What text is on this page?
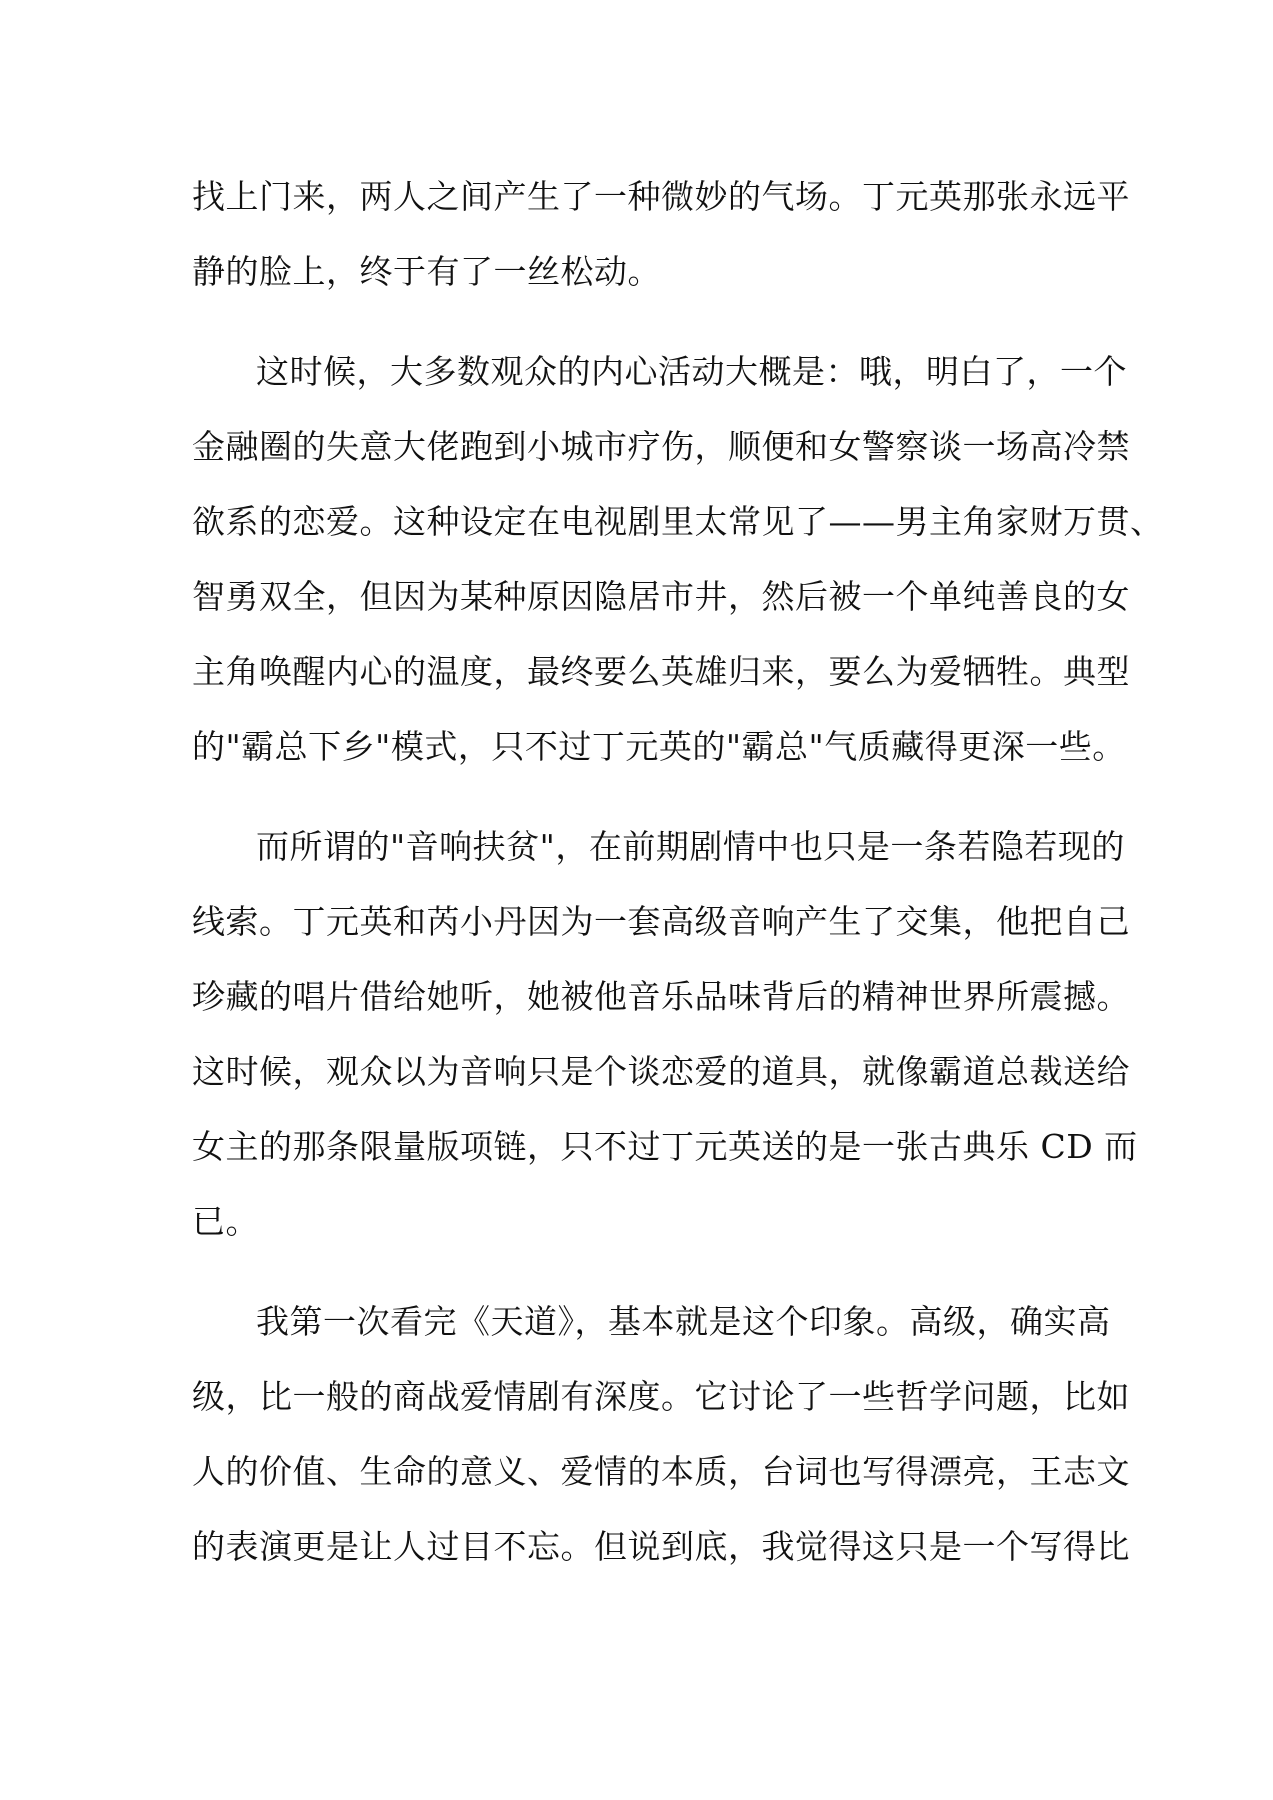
找上门来，两人之间产生了一种微妙的气场。丁元英那张永远平
静的脸上，终于有了一丝松动。
这时候，大多数观众的内心活动大概是：哦，明白了，一个
金融圈的失意大佬跑到小城市疗伤，顺便和女警察谈一场高冷禁
欲系的恋爱。这种设定在电视剧里太常见了——男主角家财万贯、
智勇双全，但因为某种原因隐居市井，然后被一个单纯善良的女
主角唤醒内心的温度，最终要么英雄归来，要么为爱牺牲。典型
的"霸总下乡"模式，只不过丁元英的"霸总"气质藏得更深一些。
而所谓的"音响扶贫"，在前期剧情中也只是一条若隐若现的
线索。丁元英和芮小丹因为一套高级音响产生了交集，他把自己
珍藏的唱片借给她听，她被他音乐品味背后的精神世界所震撼。
这时候，观众以为音响只是个谈恋爱的道具，就像霸道总裁送给
女主的那条限量版项链，只不过丁元英送的是一张古典乐 CD 而
已。
我第一次看完《天道》，基本就是这个印象。高级，确实高
级，比一般的商战爱情剧有深度。它讨论了一些哲学问题，比如
人的价值、生命的意义、爱情的本质，台词也写得漂亮，王志文
的表演更是让人过目不忘。但说到底，我觉得这只是一个写得比
